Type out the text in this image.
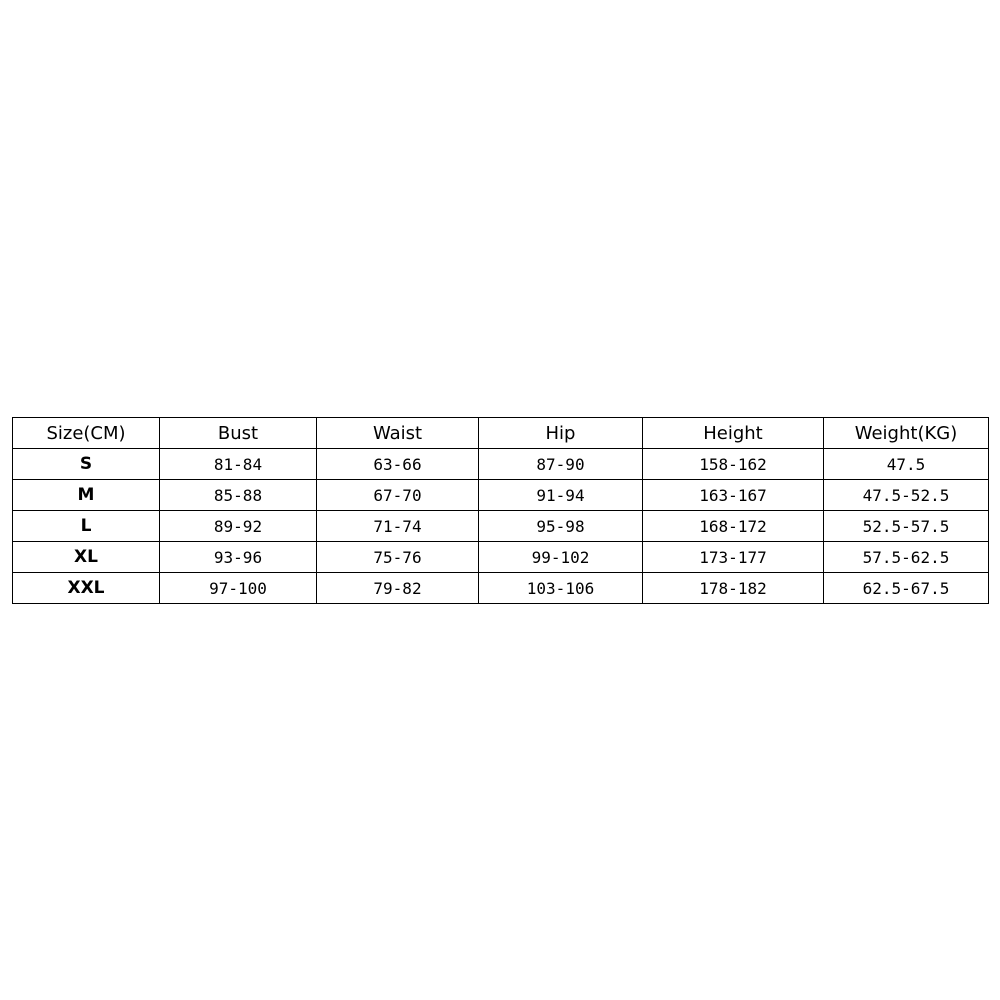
Size(CM)	Bust	Waist	Hip	Height	Weight(KG)
S	81-84	63-66	87-90	158-162	47.5
M	85-88	67-70	91-94	163-167	47.5-52.5
L	89-92	71-74	95-98	168-172	52.5-57.5
XL	93-96	75-76	99-102	173-177	57.5-62.5
XXL	97-100	79-82	103-106	178-182	62.5-67.5
